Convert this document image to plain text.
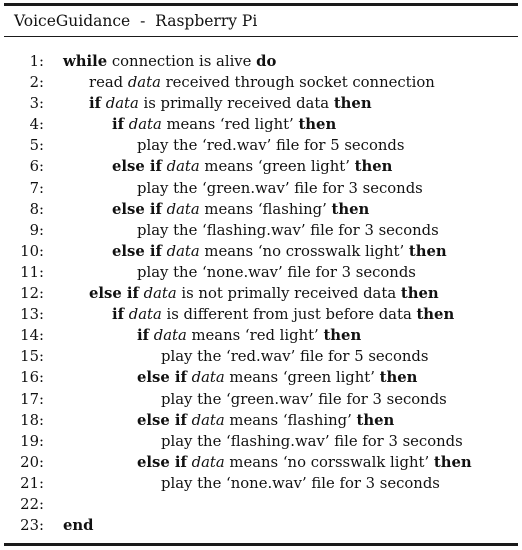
VoiceGuidance  -  Raspberry Pi
1: while connection is alive do
2:	read data received through socket connection
3:	if data is primally received data then
4:	if data means ‘red light’ then
5:	play the ‘red.wav’ file for 5 seconds
6:	else if data means ‘green light’ then
7:	play the ‘green.wav’ file for 3 seconds
8:	else if data means ‘flashing’ then
9:	play the ‘flashing.wav’ file for 3 seconds
10:	else if data means ‘no crosswalk light’ then
11:	play the ‘none.wav’ file for 3 seconds
12:	else if data is not primally received data then
13:	if data is different from just before data then
14:	if data means ‘red light’ then
15:	play the ‘red.wav’ file for 5 seconds
16:	else if data means ‘green light’ then
17:	play the ‘green.wav’ file for 3 seconds
18:	else if data means ‘flashing’ then
19:	play the ‘flashing.wav’ file for 3 seconds
20:	else if data means ‘no corsswalk light’ then
21:	play the ‘none.wav’ file for 3 seconds
22:
23: end
